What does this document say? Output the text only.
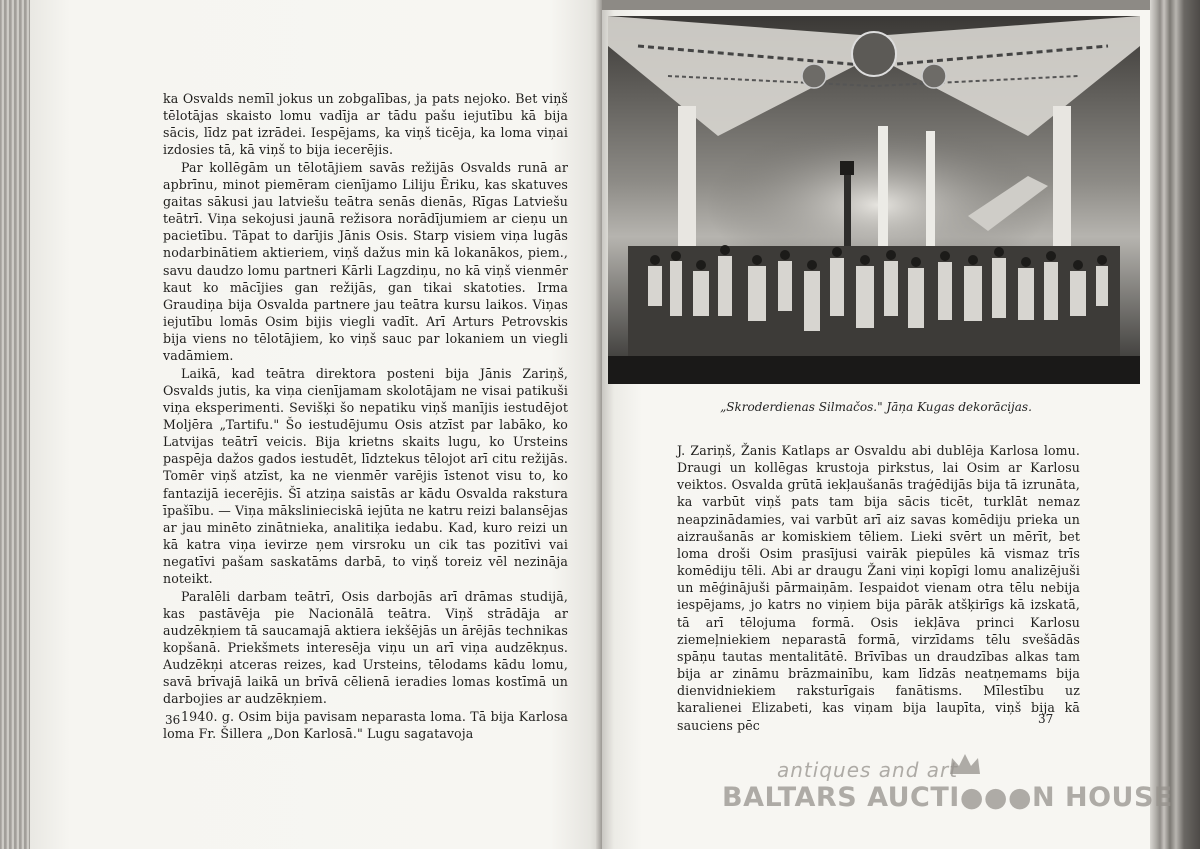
ka Osvalds nemīl jokus un zobgalības, ja pats nejoko. Bet viņš tēlotājas skaisto lomu vadīja ar tādu pašu iejutību kā bija sācis, līdz pat izrādei. Iespējams, ka viņš ticēja, ka loma viņai izdosies tā, kā viņš to bija iecerējis.

Par kollēgām un tēlotājiem savās režijās Osvalds runā ar apbrīnu, minot piemēram cienījamo Liliju Ēriku, kas skatuves gaitas sākusi jau latviešu teātra senās dienās, Rīgas Latviešu teātrī. Viņa sekojusi jaunā režisora norādījumiem ar cieņu un pacietību. Tāpat to darījis Jānis Osis. Starp visiem viņa lugās nodarbinātiem aktieriem, viņš dažus min kā lokanākos, piem., savu daudzo lomu partneri Kārli Lagzdiņu, no kā viņš vienmēr kaut ko mācījies gan režijās, gan tikai skatoties. Irma Graudiņa bija Osvalda partnere jau teātra kursu laikos. Viņas iejutību lomās Osim bijis viegli vadīt. Arī Arturs Petrovskis bija viens no tēlotājiem, ko viņš sauc par lokaniem un viegli vadāmiem.

Laikā, kad teātra direktora posteni bija Jānis Zariņš, Osvalds jutis, ka viņa cienījamam skolotājam ne visai patikuši viņa eksperimenti. Sevišķi šo nepatiku viņš manījis iestudējot Moljēra „Tartifu." Šo iestudējumu Osis atzīst par labāko, ko Latvijas teātrī veicis. Bija krietns skaits lugu, ko Ursteins paspēja dažos gados iestudēt, līdztekus tēlojot arī citu režijās. Tomēr viņš atzīst, ka ne vienmēr varējis īstenot visu to, ko fantazijā iecerējis. Šī atziņa saistās ar kādu Osvalda rakstura īpašību. — Viņa mākslinieciskā iejūta ne katru reizi balansējas ar jau minēto zinātnieka, analitiķa iedabu. Kad, kuro reizi un kā katra viņa ievirze ņem virsroku un cik tas pozitīvi vai negatīvi pašam saskatāms darbā, to viņš toreiz vēl nezināja noteikt.

Paralēli darbam teātrī, Osis darbojās arī drāmas studijā, kas pastāvēja pie Nacionālā teātra. Viņš strādāja ar audzēkņiem tā saucamajā aktiera iekšējās un ārējās technikas kopšanā. Priekšmets interesēja viņu un arī viņa audzēkņus. Audzēkņi atceras reizes, kad Ursteins, tēlodams kādu lomu, savā brīvajā laikā un brīvā cēlienā ieradies lomas kostīmā un darbojies ar audzēkņiem.

1940. g. Osim bija pavisam neparasta loma. Tā bija Karlosa loma Fr. Šillera „Don Karlosā." Lugu sagatavoja

36
„Skroderdienas Silmačos." Jāņa Kugas dekorācijas.

J. Zariņš, Žanis Katlaps ar Osvaldu abi dublēja Karlosa lomu. Draugi un kollēgas krustoja pirkstus, lai Osim ar Karlosu veiktos. Osvalda grūtā iekļaušanās traģēdijās bija tā izrunāta, ka varbūt viņš pats tam bija sācis ticēt, turklāt nemaz neapzinādamies, vai varbūt arī aiz savas komēdiju prieka un aizraušanās ar komiskiem tēliem. Lieki svērt un mērīt, bet loma droši Osim prasījusi vairāk piepūles kā vismaz trīs komēdiju tēli. Abi ar draugu Žani viņi kopīgi lomu analizējuši un mēģinājuši pārmaiņām. Iespaidot vienam otra tēlu nebija iespējams, jo katrs no viņiem bija pārāk atšķirīgs kā izskatā, tā arī tēlojuma formā. Osis iekļāva princi Karlosu ziemeļniekiem neparastā formā, virzīdams tēlu svešādās spāņu tautas mentalitātē. Brīvības un draudzības alkas tam bija ar zināmu brāzmainību, kam līdzās neatņemams bija dienvidniekiem raksturīgais fanātisms. Mīlestību uz karalienei Elizabeti, kas viņam bija laupīta, viņš bija kā sauciens pēc	37
antiques and art
BALTARS AUCTI●●●N HOUSE
